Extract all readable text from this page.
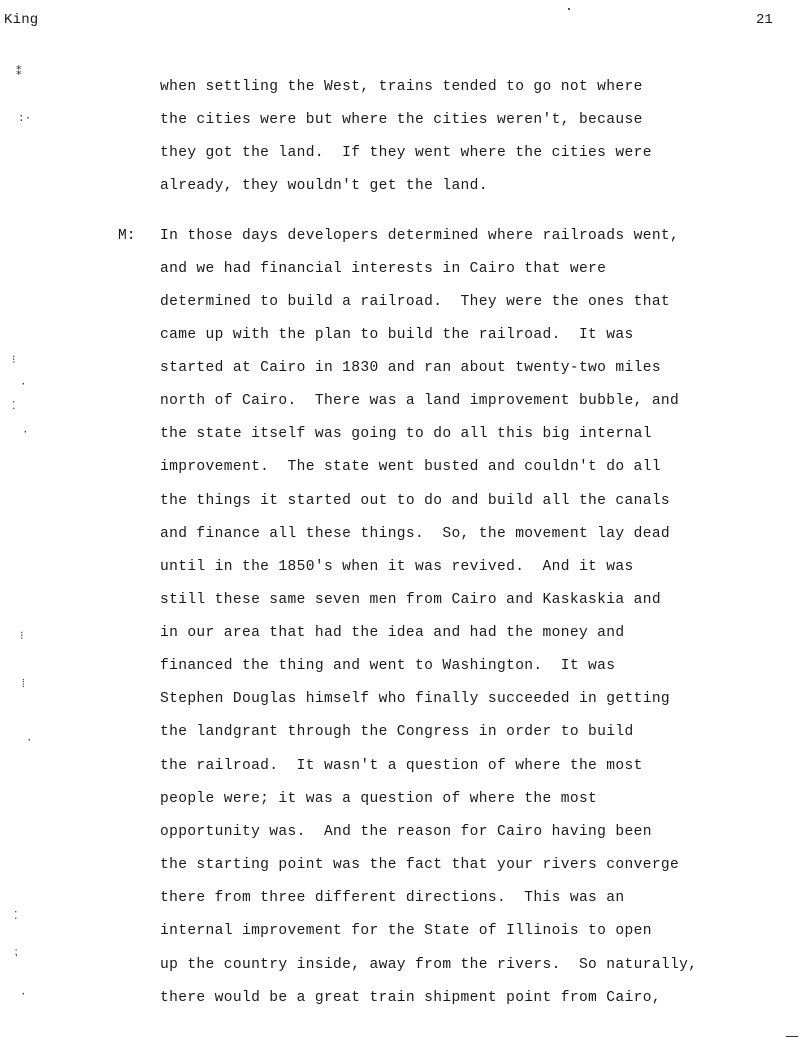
King	21
⁑
:·
⁝
·
⁚
·
⁝
⁞
·
⁚
⁏
·
M:
when settling the West, trains tended to go not where
the cities were but where the cities weren't, because
they got the land.  If they went where the cities were
already, they wouldn't get the land.
In those days developers determined where railroads went,
and we had financial interests in Cairo that were
determined to build a railroad.  They were the ones that
came up with the plan to build the railroad.  It was
started at Cairo in 1830 and ran about twenty-two miles
north of Cairo.  There was a land improvement bubble, and
the state itself was going to do all this big internal
improvement.  The state went busted and couldn't do all
the things it started out to do and build all the canals
and finance all these things.  So, the movement lay dead
until in the 1850's when it was revived.  And it was
still these same seven men from Cairo and Kaskaskia and
in our area that had the idea and had the money and
financed the thing and went to Washington.  It was
Stephen Douglas himself who finally succeeded in getting
the landgrant through the Congress in order to build
the railroad.  It wasn't a question of where the most
people were; it was a question of where the most
opportunity was.  And the reason for Cairo having been
the starting point was the fact that your rivers converge
there from three different directions.  This was an
internal improvement for the State of Illinois to open
up the country inside, away from the rivers.  So naturally,
there would be a great train shipment point from Cairo,
